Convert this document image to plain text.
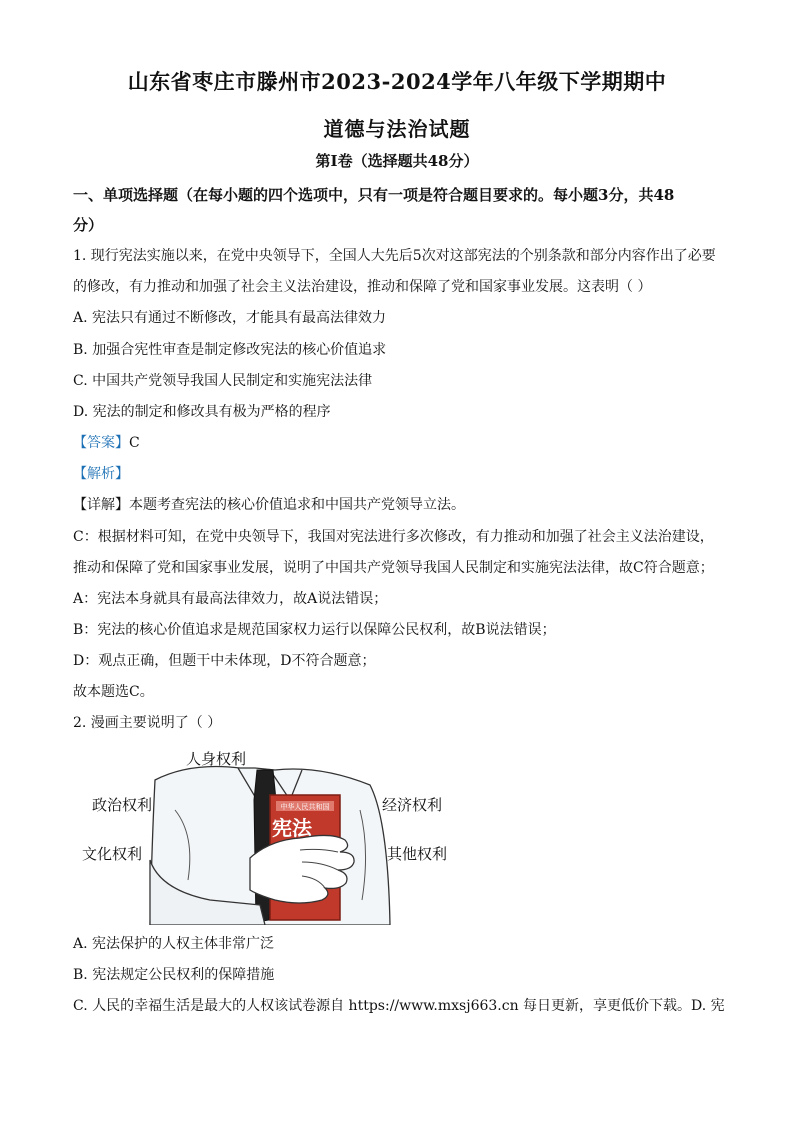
山东省枣庄市滕州市2023-2024学年八年级下学期期中
道德与法治试题
第Ⅰ卷（选择题共48分）
一、单项选择题（在每小题的四个选项中，只有一项是符合题目要求的。每小题3分，共48
分）
1. 现行宪法实施以来，在党中央领导下，全国人大先后5次对这部宪法的个别条款和部分内容作出了必要
的修改，有力推动和加强了社会主义法治建设，推动和保障了党和国家事业发展。这表明（ ）
A. 宪法只有通过不断修改，才能具有最高法律效力
B. 加强合宪性审查是制定修改宪法的核心价值追求
C. 中国共产党领导我国人民制定和实施宪法法律
D. 宪法的制定和修改具有极为严格的程序
【答案】C
【解析】
【详解】本题考查宪法的核心价值追求和中国共产党领导立法。
C：根据材料可知，在党中央领导下，我国对宪法进行多次修改，有力推动和加强了社会主义法治建设，
推动和保障了党和国家事业发展，说明了中国共产党领导我国人民制定和实施宪法法律，故C符合题意；
A：宪法本身就具有最高法律效力，故A说法错误；
B：宪法的核心价值追求是规范国家权力运行以保障公民权利，故B说法错误；
D：观点正确，但题干中未体现，D不符合题意；
故本题选C。
2. 漫画主要说明了（ ）
中华人民共和国
宪法
人身权利
政治权利
文化权利
经济权利
其他权利
A. 宪法保护的人权主体非常广泛
B. 宪法规定公民权利的保障措施
C. 人民的幸福生活是最大的人权该试卷源自 https://www.mxsj663.cn 每日更新，享更低价下载。D. 宪
